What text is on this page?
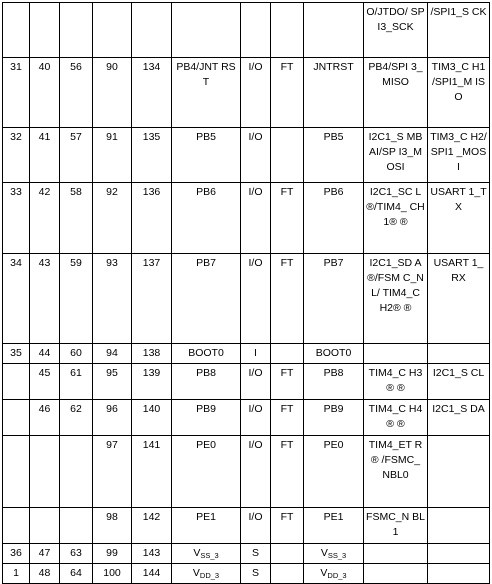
									O/JTDO/ SPI3_SCK	/SPI1_S CK
31	40	56	90	134	PB4/JNT RST	I/O	FT	JNTRST	PB4/SPI 3_MISO	TIM3_C H1 /SPI1_M ISO
32	41	57	91	135	PB5	I/O		PB5	I2C1_S MBAI/SP I3_MOSI	TIM3_C H2/SPI1 _MOSI
33	42	58	92	136	PB6	I/O	FT	PB6	I2C1_SC L ®/TIM4_ CH1® ®	USART 1_TX
34	43	59	93	137	PB7	I/O	FT	PB7	I2C1_SD A®/FSM C_NL/ TIM4_C H2® ®	USART 1_RX
35	44	60	94	138	BOOT0	I		BOOT0		
	45	61	95	139	PB8	I/O	FT	PB8	TIM4_C H3® ®	I2C1_S CL
	46	62	96	140	PB9	I/O	FT	PB9	TIM4_C H4® ®	I2C1_S DA
			97	141	PE0	I/O	FT	PE0	TIM4_ET R® /FSMC_ NBL0	
			98	142	PE1	I/O	FT	PE1	FSMC_N BL1	
36	47	63	99	143	$V_{SS\_3}$	S		$V_{SS\_3}$		
1	48	64	100	144	$V_{DD\_3}$	S		$V_{DD\_3}$		
